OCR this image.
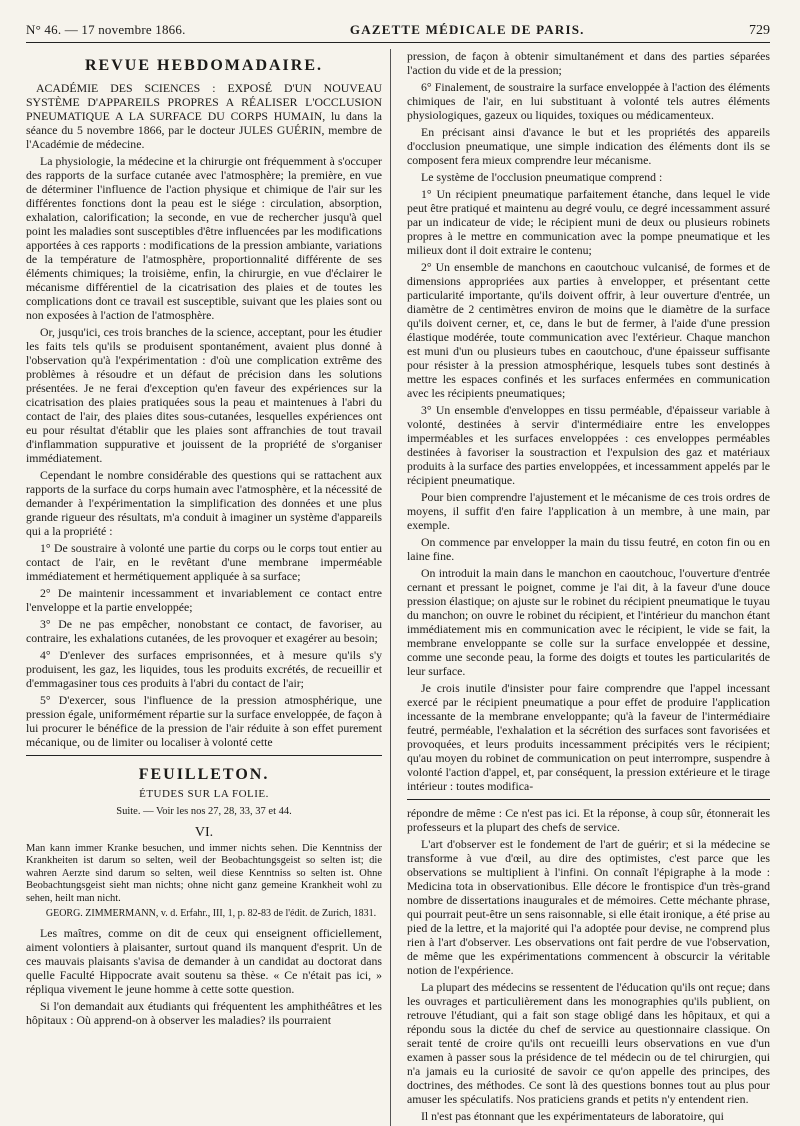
N° 46. — 17 novembre 1866.	GAZETTE MÉDICALE DE PARIS.	729
REVUE HEBDOMADAIRE.

ACADÉMIE DES SCIENCES : EXPOSÉ D'UN NOUVEAU SYSTÈME D'APPAREILS PROPRES A RÉALISER L'OCCLUSION PNEUMATIQUE A LA SURFACE DU CORPS HUMAIN, lu dans la séance du 5 novembre 1866, par le docteur JULES GUÉRIN, membre de l'Académie de médecine.

La physiologie, la médecine et la chirurgie ont fréquemment à s'occuper des rapports de la surface cutanée avec l'atmosphère; la première, en vue de déterminer l'influence de l'action physique et chimique de l'air sur les différentes fonctions dont la peau est le siége : circulation, absorption, exhalation, calorification; la seconde, en vue de rechercher jusqu'à quel point les maladies sont susceptibles d'être influencées par les modifications apportées à ces rapports : modifications de la pression ambiante, variations de la température de l'atmosphère, proportionnalité différente de ses éléments chimiques; la troisième, enfin, la chirurgie, en vue d'éclairer le mécanisme différentiel de la cicatrisation des plaies et de toutes les complications dont ce travail est susceptible, suivant que les plaies sont ou non exposées à l'action de l'atmosphère.

Or, jusqu'ici, ces trois branches de la science, acceptant, pour les étudier les faits tels qu'ils se produisent spontanément, avaient plus donné à l'observation qu'à l'expérimentation : d'où une complication extrême des problèmes à résoudre et un défaut de précision dans les solutions présentées. Je ne ferai d'exception qu'en faveur des expériences sur la cicatrisation des plaies pratiquées sous la peau et maintenues à l'abri du contact de l'air, des plaies dites sous-cutanées, lesquelles expériences ont eu pour résultat d'établir que les plaies sont affranchies de tout travail d'inflammation suppurative et jouissent de la propriété de s'organiser immédiatement.

Cependant le nombre considérable des questions qui se rattachent aux rapports de la surface du corps humain avec l'atmosphère, et la nécessité de demander à l'expérimentation la simplification des données et une plus grande rigueur des résultats, m'a conduit à imaginer un système d'appareils qui a la propriété :

1° De soustraire à volonté une partie du corps ou le corps tout entier au contact de l'air, en le revêtant d'une membrane imperméable immédiatement et hermétiquement appliquée à sa surface;

2° De maintenir incessamment et invariablement ce contact entre l'enveloppe et la partie enveloppée;

3° De ne pas empêcher, nonobstant ce contact, de favoriser, au contraire, les exhalations cutanées, de les provoquer et exagérer au besoin;

4° D'enlever des surfaces emprisonnées, et à mesure qu'ils s'y produisent, les gaz, les liquides, tous les produits excrétés, de recueillir et d'emmagasiner tous ces produits à l'abri du contact de l'air;

5° D'exercer, sous l'influence de la pression atmosphérique, une pression égale, uniformément répartie sur la surface enveloppée, de façon à lui procurer le bénéfice de la pression de l'air réduite à son effet purement mécanique, ou de limiter ou localiser à volonté cette

FEUILLETON.
ÉTUDES SUR LA FOLIE.

Suite. — Voir les nos 27, 28, 33, 37 et 44.

VI.

Man kann immer Kranke besuchen, und immer nichts sehen. Die Kenntniss der Krankheiten ist darum so selten, weil der Beobachtungsgeist so selten ist; die wahren Aerzte sind darum so selten, weil diese Kenntniss so selten ist. Ohne Beobachtungsgeist sieht man nichts; ohne nicht ganz gemeine Krankheit wohl zu sehen, heilt man nicht.

GEORG. ZIMMERMANN, v. d. Erfahr., III, 1, p. 82-83 de l'édit. de Zurich, 1831.

Les maîtres, comme on dit de ceux qui enseignent officiellement, aiment volontiers à plaisanter, surtout quand ils manquent d'esprit. Un de ces mauvais plaisants s'avisa de demander à un candidat au doctorat dans quelle Faculté Hippocrate avait soutenu sa thèse. « Ce n'était pas ici, » répliqua vivement le jeune homme à cette sotte question.

Si l'on demandait aux étudiants qui fréquentent les amphithéâtres et les hôpitaux : Où apprend-on à observer les maladies? ils pourraient

pression, de façon à obtenir simultanément et dans des parties séparées l'action du vide et de la pression;

6° Finalement, de soustraire la surface enveloppée à l'action des éléments chimiques de l'air, en lui substituant à volonté tels autres éléments physiologiques, gazeux ou liquides, toxiques ou médicamenteux.

En précisant ainsi d'avance le but et les propriétés des appareils d'occlusion pneumatique, une simple indication des éléments dont ils se composent fera mieux comprendre leur mécanisme.

Le système de l'occlusion pneumatique comprend :

1° Un récipient pneumatique parfaitement étanche, dans lequel le vide peut être pratiqué et maintenu au degré voulu, ce degré incessamment assuré par un indicateur de vide; le récipient muni de deux ou plusieurs robinets propres à le mettre en communication avec la pompe pneumatique et les milieux dont il doit extraire le contenu;

2° Un ensemble de manchons en caoutchouc vulcanisé, de formes et de dimensions appropriées aux parties à envelopper, et présentant cette particularité importante, qu'ils doivent offrir, à leur ouverture d'entrée, un diamètre de 2 centimètres environ de moins que le diamètre de la surface qu'ils doivent cerner, et, ce, dans le but de fermer, à l'aide d'une pression élastique modérée, toute communication avec l'extérieur. Chaque manchon est muni d'un ou plusieurs tubes en caoutchouc, d'une épaisseur suffisante pour résister à la pression atmosphérique, lesquels tubes sont destinés à mettre les espaces confinés et les surfaces enfermées en communication avec les récipients pneumatiques;

3° Un ensemble d'enveloppes en tissu perméable, d'épaisseur variable à volonté, destinées à servir d'intermédiaire entre les enveloppes imperméables et les surfaces enveloppées : ces enveloppes perméables destinées à favoriser la soustraction et l'expulsion des gaz et matériaux produits à la surface des parties enveloppées, et incessamment appelés par le récipient pneumatique.

Pour bien comprendre l'ajustement et le mécanisme de ces trois ordres de moyens, il suffit d'en faire l'application à un membre, à une main, par exemple.

On commence par envelopper la main du tissu feutré, en coton fin ou en laine fine.

On introduit la main dans le manchon en caoutchouc, l'ouverture d'entrée cernant et pressant le poignet, comme je l'ai dit, à la faveur d'une douce pression élastique; on ajuste sur le robinet du récipient pneumatique le tuyau du manchon; on ouvre le robinet du récipient, et l'intérieur du manchon étant immédiatement mis en communication avec le récipient, le vide se fait, la membrane enveloppante se colle sur la surface enveloppée et dessine, comme une seconde peau, la forme des doigts et toutes les particularités de leur surface.

Je crois inutile d'insister pour faire comprendre que l'appel incessant exercé par le récipient pneumatique a pour effet de produire l'application incessante de la membrane enveloppante; qu'à la faveur de l'intermédiaire feutré, perméable, l'exhalation et la sécrétion des surfaces sont favorisées et provoquées, et leurs produits incessamment précipités vers le récipient; qu'au moyen du robinet de communication on peut interrompre, suspendre à volonté l'action d'appel, et, par conséquent, la pression extérieure et le tirage intérieur : toutes modifica-

répondre de même : Ce n'est pas ici. Et la réponse, à coup sûr, étonnerait les professeurs et la plupart des chefs de service.

L'art d'observer est le fondement de l'art de guérir; et si la médecine se transforme à vue d'œil, au dire des optimistes, c'est parce que les observations se multiplient à l'infini. On connaît l'épigraphe à la mode : Medicina tota in observationibus. Elle décore le frontispice d'un très-grand nombre de dissertations inaugurales et de mémoires. Cette méchante phrase, qui pourrait peut-être un sens raisonnable, si elle était ironique, a été prise au pied de la lettre, et la majorité qui l'a adoptée pour devise, ne comprend plus rien à l'art d'observer. Les observations ont fait perdre de vue l'observation, de même que les expérimentations commencent à obscurcir la véritable notion de l'expérience.

La plupart des médecins se ressentent de l'éducation qu'ils ont reçue; dans les ouvrages et particulièrement dans les monographies qu'ils publient, on retrouve l'étudiant, qui a fait son stage obligé dans les hôpitaux, et qui a répondu sous la dictée du chef de service au questionnaire classique. On serait tenté de croire qu'ils ont recueilli leurs observations en vue d'un examen à passer sous la présidence de tel médecin ou de tel chirurgien, qui n'a jamais eu la curiosité de savoir ce qu'on appelle des principes, des doctrines, des méthodes. Ce sont là des questions bonnes tout au plus pour amuser les spéculatifs. Nos praticiens grands et petits n'y entendent rien.

Il n'est pas étonnant que les expérimentateurs de laboratoire, qui
